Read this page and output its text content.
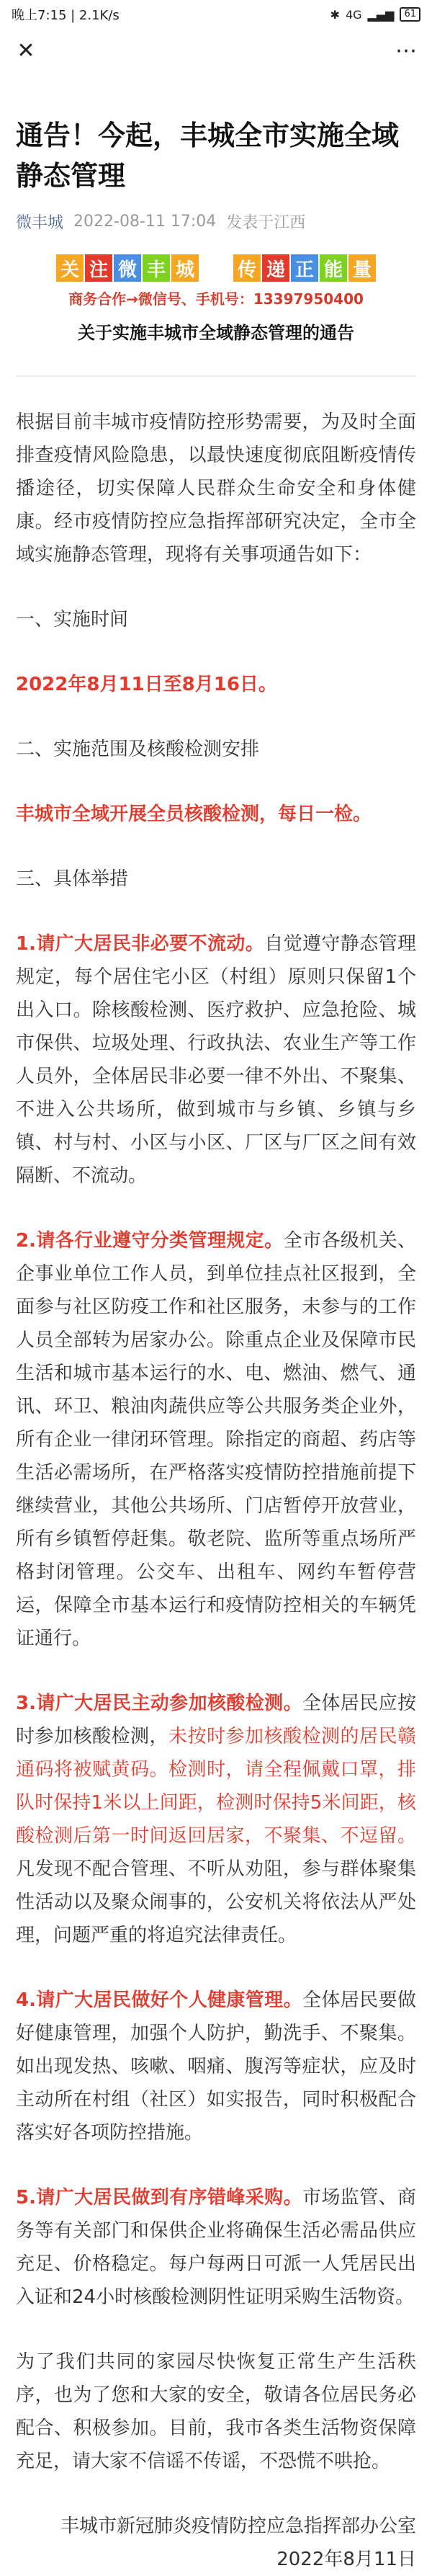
晚上7:15 | 2.1K/s	✱ 4G ▂▄▆	61
✕	⋯
通告！今起，丰城全市实施全域静态管理
微丰城 2022-08-11 17:04 发表于江西
关 注 微 丰 城 传 递 正 能 量
商务合作→微信号、手机号：13397950400
关于实施丰城市全域静态管理的通告

根据目前丰城市疫情防控形势需要，为及时全面排查疫情风险隐患，以最快速度彻底阻断疫情传播途径，切实保障人民群众生命安全和身体健康。经市疫情防控应急指挥部研究决定，全市全域实施静态管理，现将有关事项通告如下：

一、实施时间

2022年8月11日至8月16日。

二、实施范围及核酸检测安排

丰城市全域开展全员核酸检测，每日一检。

三、具体举措

1.请广大居民非必要不流动。自觉遵守静态管理规定，每个居住宅小区（村组）原则只保留1个出入口。除核酸检测、医疗救护、应急抢险、城市保供、垃圾处理、行政执法、农业生产等工作人员外，全体居民非必要一律不外出、不聚集、不进入公共场所，做到城市与乡镇、乡镇与乡镇、村与村、小区与小区、厂区与厂区之间有效隔断、不流动。

2.请各行业遵守分类管理规定。全市各级机关、企事业单位工作人员，到单位挂点社区报到，全面参与社区防疫工作和社区服务，未参与的工作人员全部转为居家办公。除重点企业及保障市民生活和城市基本运行的水、电、燃油、燃气、通讯、环卫、粮油肉蔬供应等公共服务类企业外，所有企业一律闭环管理。除指定的商超、药店等生活必需场所，在严格落实疫情防控措施前提下继续营业，其他公共场所、门店暂停开放营业，所有乡镇暂停赶集。敬老院、监所等重点场所严格封闭管理。公交车、出租车、网约车暂停营运，保障全市基本运行和疫情防控相关的车辆凭证通行。

3.请广大居民主动参加核酸检测。全体居民应按时参加核酸检测，未按时参加核酸检测的居民赣通码将被赋黄码。检测时，请全程佩戴口罩，排队时保持1米以上间距，检测时保持5米间距，核酸检测后第一时间返回居家，不聚集、不逗留。凡发现不配合管理、不听从劝阻，参与群体聚集性活动以及聚众闹事的，公安机关将依法从严处理，问题严重的将追究法律责任。

4.请广大居民做好个人健康管理。全体居民要做好健康管理，加强个人防护，勤洗手、不聚集。如出现发热、咳嗽、咽痛、腹泻等症状，应及时主动所在村组（社区）如实报告，同时积极配合落实好各项防控措施。

5.请广大居民做到有序错峰采购。市场监管、商务等有关部门和保供企业将确保生活必需品供应充足、价格稳定。每户每两日可派一人凭居民出入证和24小时核酸检测阴性证明采购生活物资。

为了我们共同的家园尽快恢复正常生产生活秩序，也为了您和大家的安全，敬请各位居民务必配合、积极参加。目前，我市各类生活物资保障充足，请大家不信谣不传谣，不恐慌不哄抢。

丰城市新冠肺炎疫情防控应急指挥部办公室

2022年8月11日
